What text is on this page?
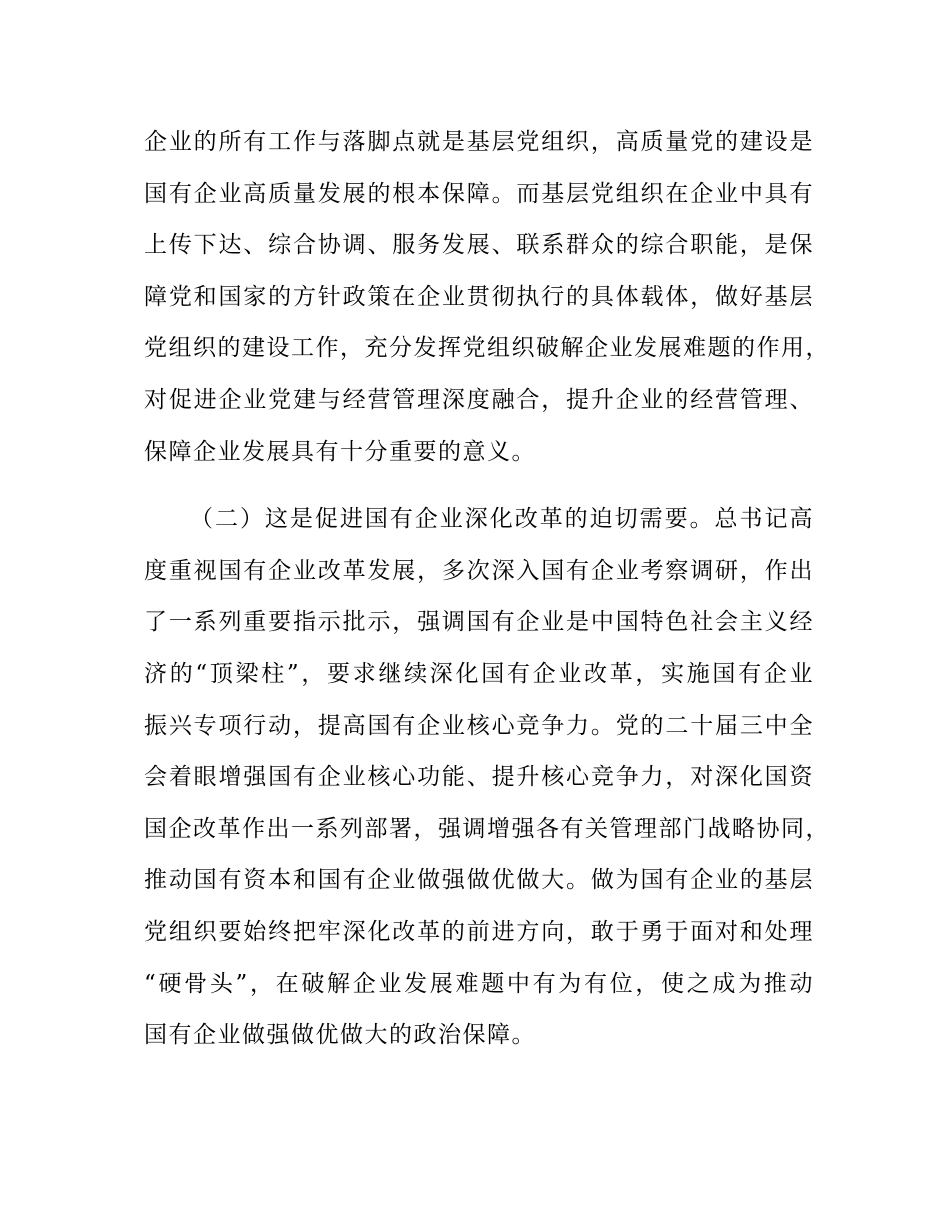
企业的所有工作与落脚点就是基层党组织，高质量党的建设是
国有企业高质量发展的根本保障。而基层党组织在企业中具有
上传下达、综合协调、服务发展、联系群众的综合职能，是保
障党和国家的方针政策在企业贯彻执行的具体载体，做好基层
党组织的建设工作，充分发挥党组织破解企业发展难题的作用，
对促进企业党建与经营管理深度融合，提升企业的经营管理、
保障企业发展具有十分重要的意义。
（二）这是促进国有企业深化改革的迫切需要。总书记高
度重视国有企业改革发展，多次深入国有企业考察调研，作出
了一系列重要指示批示，强调国有企业是中国特色社会主义经
济的“顶梁柱”，要求继续深化国有企业改革，实施国有企业
振兴专项行动，提高国有企业核心竞争力。党的二十届三中全
会着眼增强国有企业核心功能、提升核心竞争力，对深化国资
国企改革作出一系列部署，强调增强各有关管理部门战略协同，
推动国有资本和国有企业做强做优做大。做为国有企业的基层
党组织要始终把牢深化改革的前进方向，敢于勇于面对和处理
“硬骨头”，在破解企业发展难题中有为有位，使之成为推动
国有企业做强做优做大的政治保障。
